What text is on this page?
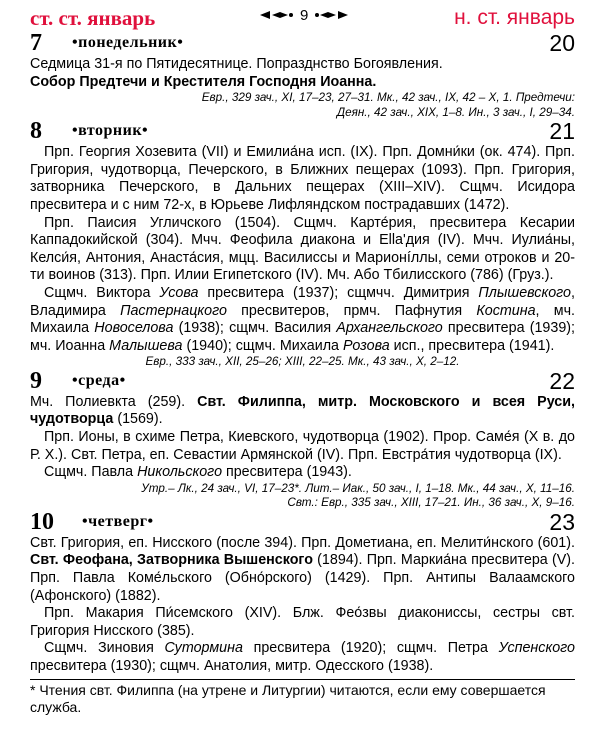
ст. ст. январь	9	н. ст. январь
7 •понедельник•	20

Седмица 31-я по Пятидесятнице. Попразднство Богоявления.

Собор Предтечи и Крестителя Господня Иоанна.

Евр., 329 зач., XI, 17–23, 27–31. Мк., 42 зач., IX, 42 – X, 1. Предтечи:

Деян., 42 зач., XIX, 1–8. Ин., 3 зач., I, 29–34.

8 •вторник•	21

Прп. Георгия Хозевита (VII) и Емилиа́на исп. (IX). Прп. Домни́ки (ок. 474). Прп. Григория, чудотворца, Печерского, в Ближних пещерах (1093). Прп. Григория, затворника Печерского, в Дальних пещерах (XIII–XIV). Сщмч. Исидора пресвитера и с ним 72-х, в Юрьеве Лифляндском пострадавших (1472).

Прп. Паисия Угличского (1504). Сщмч. Карте́рия, пресвитера Кесарии Каппадокийской (304). Мчч. Феофила диакона и Ella'дия (IV). Мчч. Иулиа́ны, Келси́я, Антония, Анаста́сия, мцц. Василиссы и Марионíллы, семи отроков и 20-ти воинов (313). Прп. Илии Египетского (IV). Мч. Або Тбилисского (786) (Груз.).

Сщмч. Виктора Усова пресвитера (1937); сщмчч. Димитрия Плышевского, Владимира Пастернацкого пресвитеров, прмч. Пафнутия Костина, мч. Михаила Новоселова (1938); сщмч. Василия Архангельского пресвитера (1939); мч. Иоанна Малышева (1940); сщмч. Михаила Розова исп., пресвитера (1941).

Евр., 333 зач., XII, 25–26; XIII, 22–25. Мк., 43 зач., X, 2–12.

9 •среда•	22

Мч. Полиевкта (259). Свт. Филиппа, митр. Московского и всея Руси, чудотворца (1569).

Прп. Ионы, в схиме Петра, Киевского, чудотворца (1902). Прор. Саме́я (X в. до Р. Х.). Свт. Петра, еп. Севастии Армянской (IV). Прп. Евстра́тия чудотворца (IX).

Сщмч. Павла Никольского пресвитера (1943).

Утр.– Лк., 24 зач., VI, 17–23*. Лит.– Иак., 50 зач., I, 1–18. Мк., 44 зач., X, 11–16.

Свт.: Евр., 335 зач., XIII, 17–21. Ин., 36 зач., X, 9–16.

10 •четверг•	23

Свт. Григория, еп. Нисского (после 394). Прп. Дометиана, еп. Мелити́нского (601). Свт. Феофана, Затворника Вышенского (1894). Прп. Маркиа́на пресвитера (V). Прп. Павла Коме́льского (Обно́рского) (1429). Прп. Антипы Валаамского (Афонского) (1882).

Прп. Макария Пи́семского (XIV). Блж. Фео́звы диакониссы, сестры свт. Григория Нисского (385).

Сщмч. Зиновия Сутормина пресвитера (1920); сщмч. Петра Успенского пресвитера (1930); сщмч. Анатолия, митр. Одесского (1938).

* Чтения свт. Филиппа (на утрене и Литургии) читаются, если ему совершается служба.
